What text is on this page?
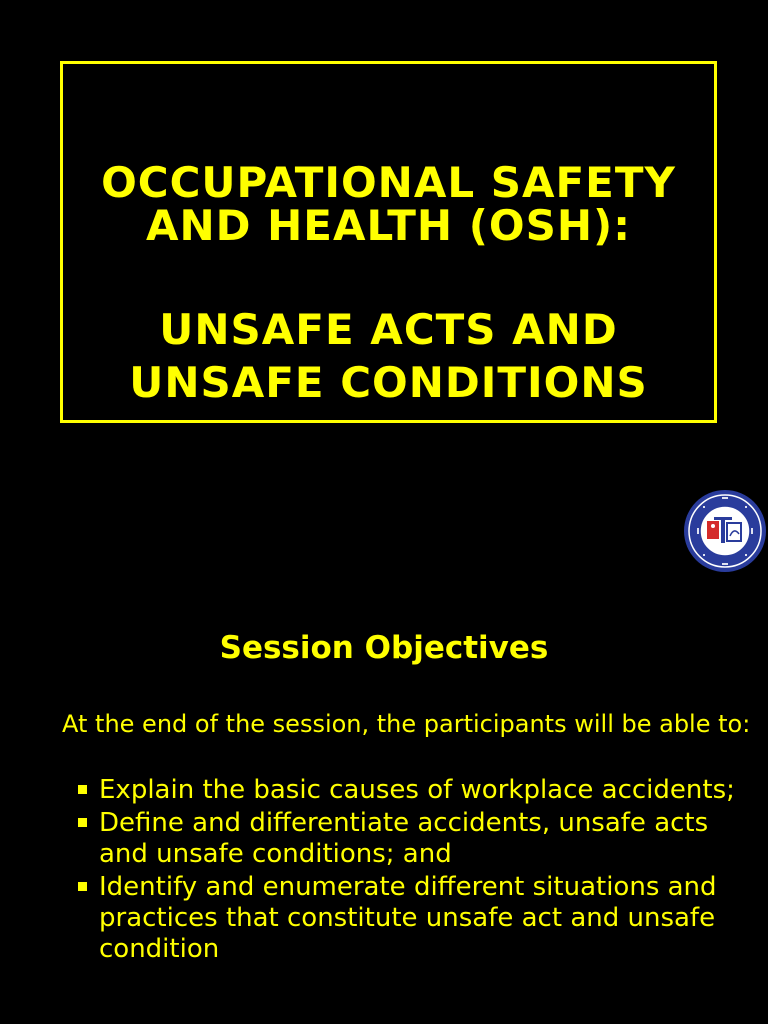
OCCUPATIONAL SAFETY
AND HEALTH (OSH):
UNSAFE ACTS AND
UNSAFE CONDITIONS
Session Objectives
At the end of the session, the participants will be able to:
Explain the basic causes of workplace accidents;
Define and differentiate accidents, unsafe acts and unsafe conditions; and
Identify and enumerate different situations and practices that constitute unsafe act and unsafe condition
